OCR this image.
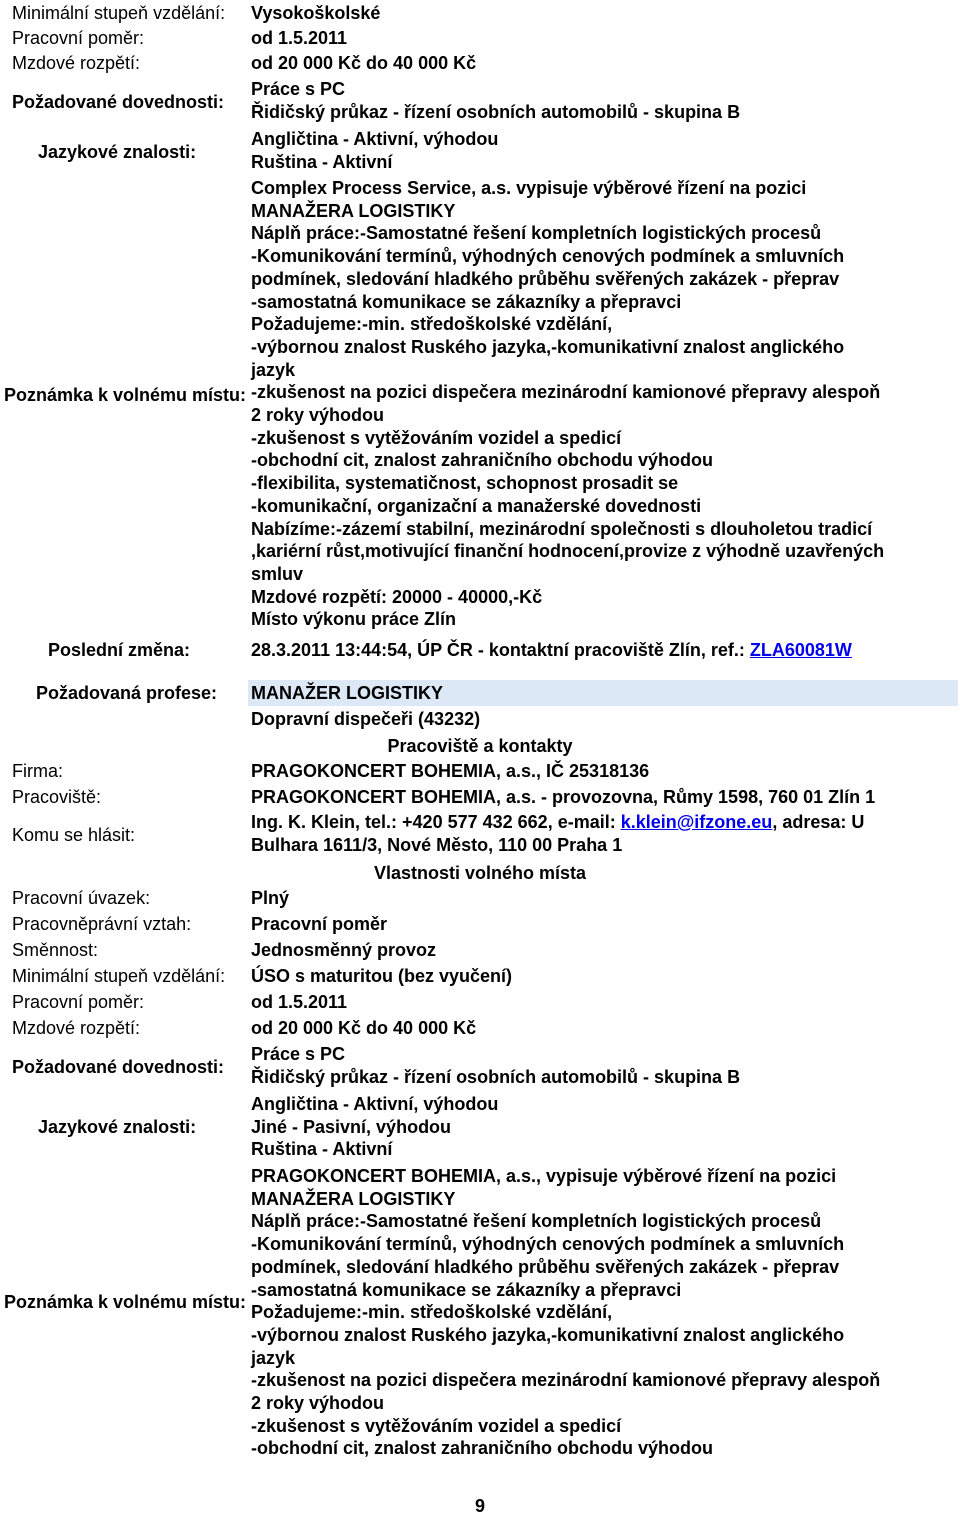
Minimální stupeň vzdělání: Vysokoškolské
Pracovní poměr:	od 1.5.2011
Mzdové rozpětí:	od 20 000 Kč do 40 000 Kč
Požadované dovednosti:
Práce s PC
Řidičský průkaz - řízení osobních automobilů - skupina B
Jazykové znalosti:
Angličtina - Aktivní, výhodou
Ruština - Aktivní
Poznámka k volnému místu:
Complex Process Service, a.s. vypisuje výběrové řízení na pozici
MANAŽERA LOGISTIKY
Náplň práce:-Samostatné řešení kompletních logistických procesů
-Komunikování termínů, výhodných cenových podmínek a smluvních
podmínek, sledování hladkého průběhu svěřených zakázek - přeprav
-samostatná komunikace se zákazníky a přepravci
Požadujeme:-min. středoškolské vzdělání,
-výbornou znalost Ruského jazyka,-komunikativní znalost anglického
jazyk
-zkušenost na pozici dispečera mezinárodní kamionové přepravy alespoň
2 roky výhodou
-zkušenost s vytěžováním vozidel a spedicí
-obchodní cit, znalost zahraničního obchodu výhodou
-flexibilita, systematičnost, schopnost prosadit se
-komunikační, organizační a manažerské dovednosti
Nabízíme:-zázemí stabilní, mezinárodní společnosti s dlouholetou tradicí
,kariérní růst,motivující finanční hodnocení,provize z výhodně uzavřených
smluv
Mzdové rozpětí: 20000 - 40000,-Kč
Místo výkonu práce Zlín
Poslední změna:	28.3.2011 13:44:54, ÚP ČR - kontaktní pracoviště Zlín, ref.: ZLA60081W
Požadovaná profese: MANAŽER LOGISTIKY
Dopravní dispečeři (43232)
Pracoviště a kontakty
Firma:	PRAGOKONCERT BOHEMIA, a.s., IČ 25318136
Pracoviště:	PRAGOKONCERT BOHEMIA, a.s. - provozovna, Růmy 1598, 760 01 Zlín 1
Komu se hlásit:
Ing. K. Klein, tel.: +420 577 432 662, e-mail: k.klein@ifzone.eu, adresa: U
Bulhara 1611/3, Nové Město, 110 00 Praha 1
Vlastnosti volného místa
Pracovní úvazek:	Plný
Pracovněprávní vztah:	Pracovní poměr
Směnnost:	Jednosměnný provoz
Minimální stupeň vzdělání: ÚSO s maturitou (bez vyučení)
Pracovní poměr:	od 1.5.2011
Mzdové rozpětí:	od 20 000 Kč do 40 000 Kč
Požadované dovednosti:
Práce s PC
Řidičský průkaz - řízení osobních automobilů - skupina B
Jazykové znalosti:
Angličtina - Aktivní, výhodou
Jiné - Pasivní, výhodou
Ruština - Aktivní
Poznámka k volnému místu:
PRAGOKONCERT BOHEMIA, a.s., vypisuje výběrové řízení na pozici
MANAŽERA LOGISTIKY
Náplň práce:-Samostatné řešení kompletních logistických procesů
-Komunikování termínů, výhodných cenových podmínek a smluvních
podmínek, sledování hladkého průběhu svěřených zakázek - přeprav
-samostatná komunikace se zákazníky a přepravci
Požadujeme:-min. středoškolské vzdělání,
-výbornou znalost Ruského jazyka,-komunikativní znalost anglického
jazyk
-zkušenost na pozici dispečera mezinárodní kamionové přepravy alespoň
2 roky výhodou
-zkušenost s vytěžováním vozidel a spedicí
-obchodní cit, znalost zahraničního obchodu výhodou
9
